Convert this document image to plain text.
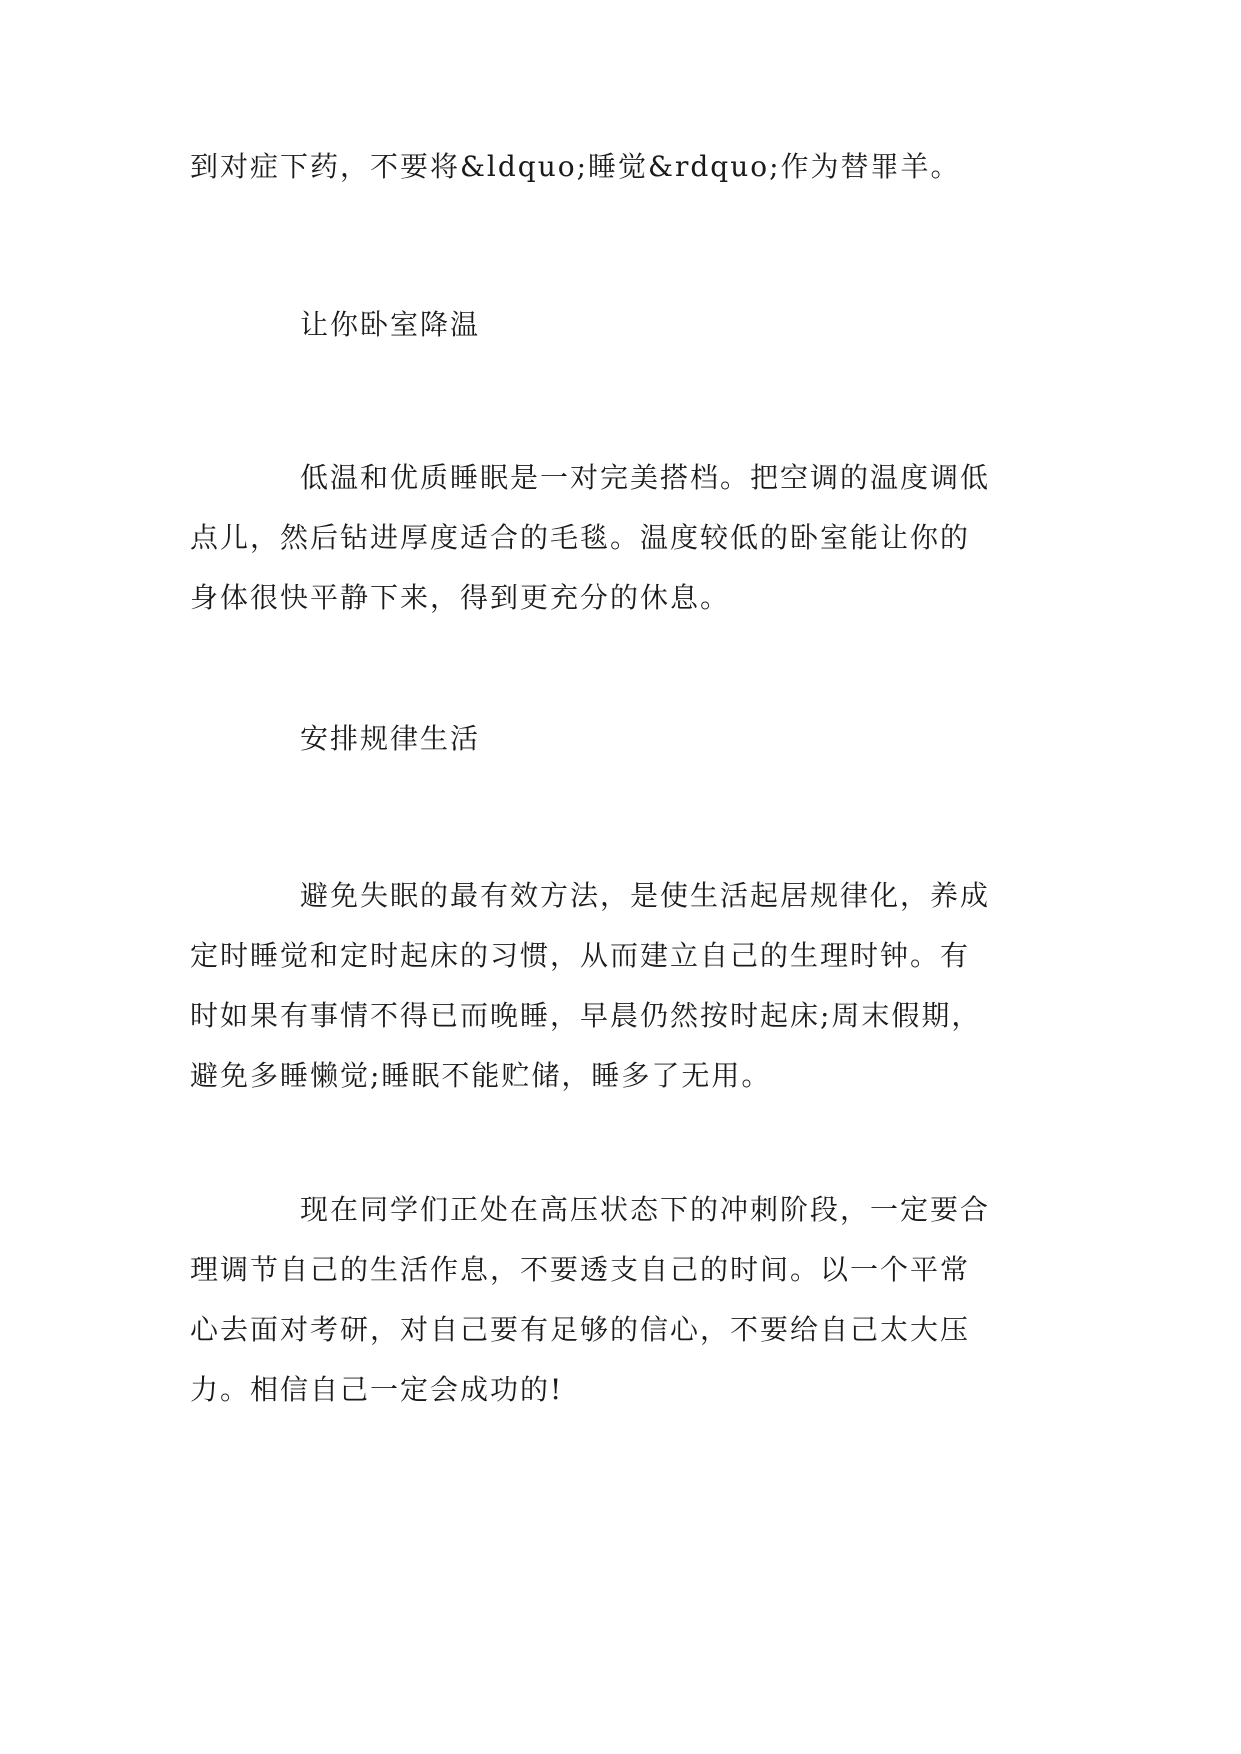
到对症下药，不要将&ldquo;睡觉&rdquo;作为替罪羊。
让你卧室降温
低温和优质睡眠是一对完美搭档。把空调的温度调低
点儿，然后钻进厚度适合的毛毯。温度较低的卧室能让你的
身体很快平静下来，得到更充分的休息。
安排规律生活
避免失眠的最有效方法，是使生活起居规律化，养成
定时睡觉和定时起床的习惯，从而建立自己的生理时钟。有
时如果有事情不得已而晚睡，早晨仍然按时起床;周末假期，
避免多睡懒觉;睡眠不能贮储，睡多了无用。
现在同学们正处在高压状态下的冲刺阶段，一定要合
理调节自己的生活作息，不要透支自己的时间。以一个平常
心去面对考研，对自己要有足够的信心，不要给自己太大压
力。相信自己一定会成功的!
